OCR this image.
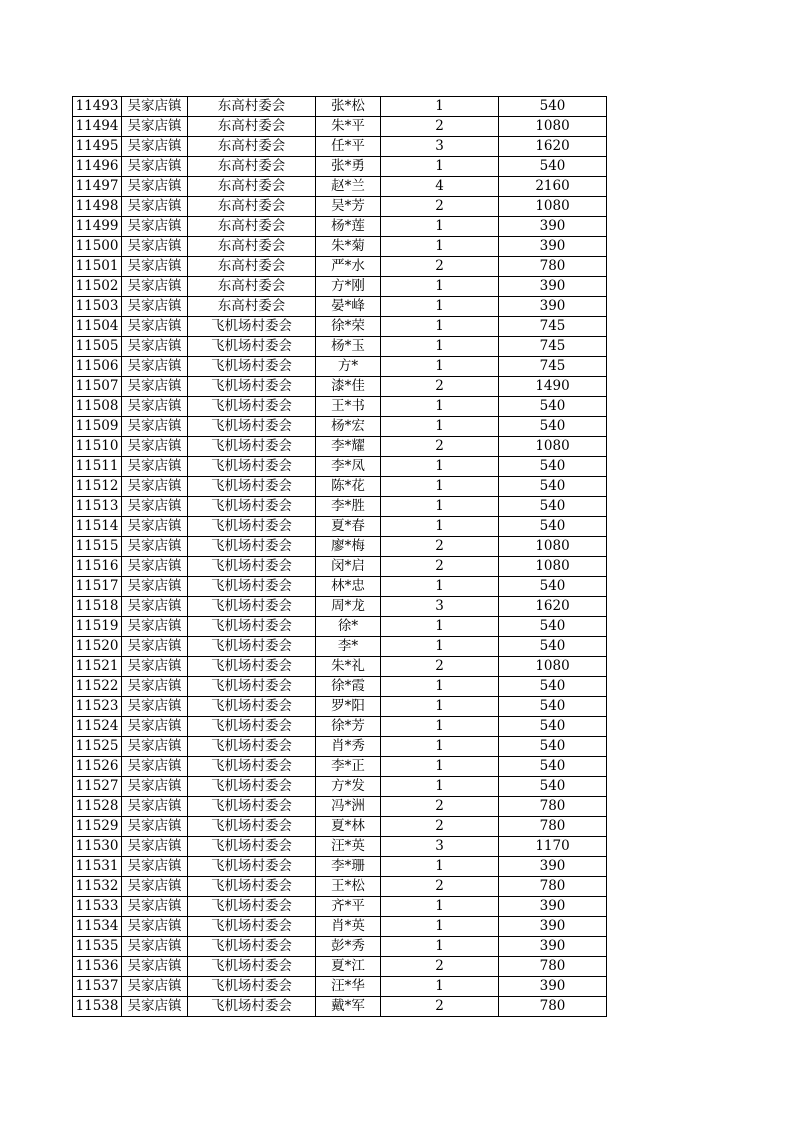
11493	吴家店镇	东高村委会	张*松	1	540
11494	吴家店镇	东高村委会	朱*平	2	1080
11495	吴家店镇	东高村委会	任*平	3	1620
11496	吴家店镇	东高村委会	张*勇	1	540
11497	吴家店镇	东高村委会	赵*兰	4	2160
11498	吴家店镇	东高村委会	吴*芳	2	1080
11499	吴家店镇	东高村委会	杨*莲	1	390
11500	吴家店镇	东高村委会	朱*菊	1	390
11501	吴家店镇	东高村委会	严*水	2	780
11502	吴家店镇	东高村委会	方*刚	1	390
11503	吴家店镇	东高村委会	晏*峰	1	390
11504	吴家店镇	飞机场村委会	徐*荣	1	745
11505	吴家店镇	飞机场村委会	杨*玉	1	745
11506	吴家店镇	飞机场村委会	方*	1	745
11507	吴家店镇	飞机场村委会	漆*佳	2	1490
11508	吴家店镇	飞机场村委会	王*书	1	540
11509	吴家店镇	飞机场村委会	杨*宏	1	540
11510	吴家店镇	飞机场村委会	李*耀	2	1080
11511	吴家店镇	飞机场村委会	李*凤	1	540
11512	吴家店镇	飞机场村委会	陈*花	1	540
11513	吴家店镇	飞机场村委会	李*胜	1	540
11514	吴家店镇	飞机场村委会	夏*春	1	540
11515	吴家店镇	飞机场村委会	廖*梅	2	1080
11516	吴家店镇	飞机场村委会	闵*启	2	1080
11517	吴家店镇	飞机场村委会	林*忠	1	540
11518	吴家店镇	飞机场村委会	周*龙	3	1620
11519	吴家店镇	飞机场村委会	徐*	1	540
11520	吴家店镇	飞机场村委会	李*	1	540
11521	吴家店镇	飞机场村委会	朱*礼	2	1080
11522	吴家店镇	飞机场村委会	徐*霞	1	540
11523	吴家店镇	飞机场村委会	罗*阳	1	540
11524	吴家店镇	飞机场村委会	徐*芳	1	540
11525	吴家店镇	飞机场村委会	肖*秀	1	540
11526	吴家店镇	飞机场村委会	李*正	1	540
11527	吴家店镇	飞机场村委会	方*发	1	540
11528	吴家店镇	飞机场村委会	冯*洲	2	780
11529	吴家店镇	飞机场村委会	夏*林	2	780
11530	吴家店镇	飞机场村委会	汪*英	3	1170
11531	吴家店镇	飞机场村委会	李*珊	1	390
11532	吴家店镇	飞机场村委会	王*松	2	780
11533	吴家店镇	飞机场村委会	齐*平	1	390
11534	吴家店镇	飞机场村委会	肖*英	1	390
11535	吴家店镇	飞机场村委会	彭*秀	1	390
11536	吴家店镇	飞机场村委会	夏*江	2	780
11537	吴家店镇	飞机场村委会	汪*华	1	390
11538	吴家店镇	飞机场村委会	戴*军	2	780
